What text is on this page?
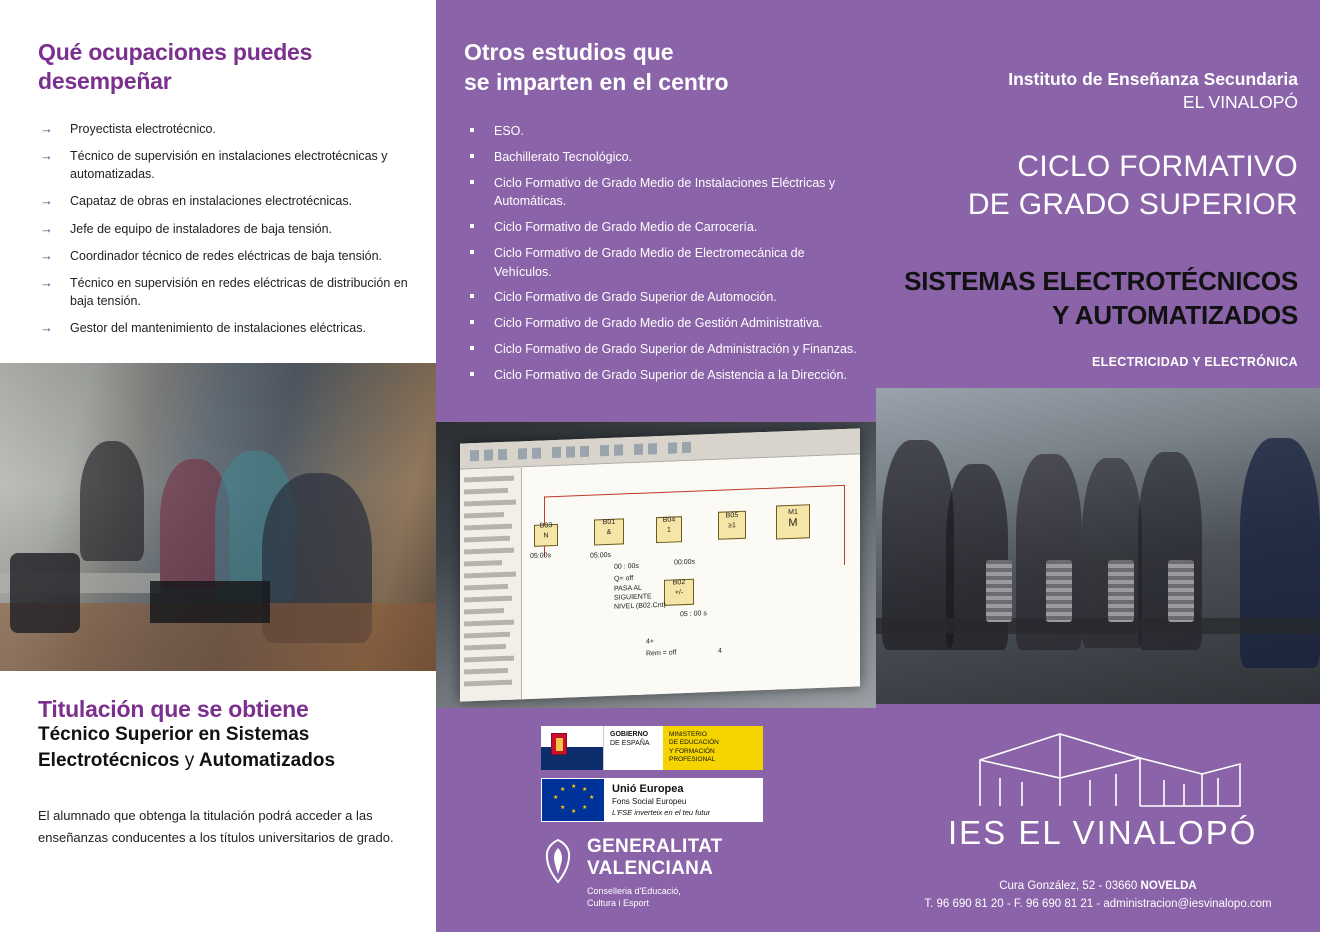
Qué ocupaciones puedes desempeñar
→ Proyectista electrotécnico.
→ Técnico de supervisión en instalaciones electrotécnicas y automatizadas.
→ Capataz de obras en instalaciones electrotécnicas.
→ Jefe de equipo de instaladores de baja tensión.
→ Coordinador técnico de redes eléctricas de baja tensión.
→ Técnico en supervisión en redes eléctricas de distribución en baja tensión.
→ Gestor del mantenimiento de instalaciones eléctricas.
Titulación que se obtiene
Técnico Superior en Sistemas
Electrotécnicos y Automatizados
El alumnado que obtenga la titulación podrá acceder a las enseñanzas conducentes a los títulos universitarios de grado.
Otros estudios que
se imparten en el centro
ESO.
Bachillerato Tecnológico.
Ciclo Formativo de Grado Medio de Instalaciones Eléctricas y Automáticas.
Ciclo Formativo de Grado Medio de Carrocería.
Ciclo Formativo de Grado Medio de Electromecánica de Vehículos.
Ciclo Formativo de Grado Superior de Automoción.
Ciclo Formativo de Grado Medio de Gestión Administrativa.
Ciclo Formativo de Grado Superior de Administración y Finanzas.
Ciclo Formativo de Grado Superior de Asistencia a la Dirección.
B03
N
B01
&
B04
1
B05
≥1
M1
M
B02
+/-
05:00s	05:00s
00 : 00s
00:00s
Q= off
PASA AL SIGUIENTE NIVEL (B02.Cnt)
05 : 00 s
4+
Rem = off	4
GOBIERNO
DE ESPAÑA
MINISTERIO
DE EDUCACIÓN
Y FORMACIÓN PROFESIONAL
★ ★
★
★
★
★
★
★	Unió Europea
Fons Social Europeu
L'FSE inverteix en el teu futur
GENERALITAT
VALENCIANA
Conselleria d'Educació,
Cultura i Esport
Instituto de Enseñanza Secundaria
EL VINALOPÓ
CICLO FORMATIVO
DE GRADO SUPERIOR
SISTEMAS ELECTROTÉCNICOS
Y AUTOMATIZADOS
ELECTRICIDAD Y ELECTRÓNICA
IES EL VINALOPÓ
Cura González, 52 - 03660 NOVELDA
T. 96 690 81 20 - F. 96 690 81 21 - administracion@iesvinalopo.com
